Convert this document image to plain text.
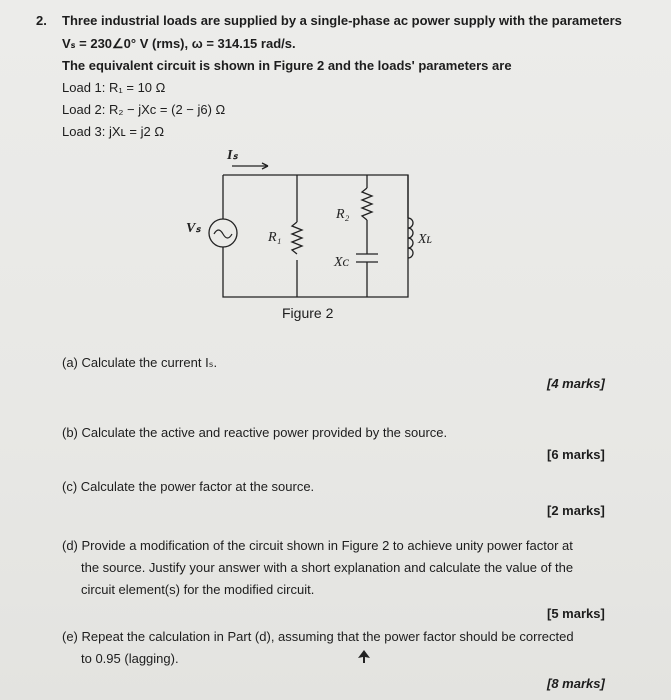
2. Three industrial loads are supplied by a single-phase ac power supply with the parameters
Vₛ = 230∠0° V (rms), ω = 314.15 rad/s.
The equivalent circuit is shown in Figure 2 and the loads' parameters are
Load 1: R₁ = 10 Ω
Load 2: R₂ − jXᴄ = (2 − j6) Ω
Load 3: jXʟ = j2 Ω
Iₛ
Vₛ
R₁
R₂
Xᴄ
Xʟ
Figure 2
(a) Calculate the current Iₛ.
[4 marks]
(b) Calculate the active and reactive power provided by the source.
[6 marks]
(c) Calculate the power factor at the source.
[2 marks]
(d) Provide a modification of the circuit shown in Figure 2 to achieve unity power factor at
the source. Justify your answer with a short explanation and calculate the value of the
circuit element(s) for the modified circuit.
[5 marks]
(e) Repeat the calculation in Part (d), assuming that the power factor should be corrected
to 0.95 (lagging).
[8 marks]
